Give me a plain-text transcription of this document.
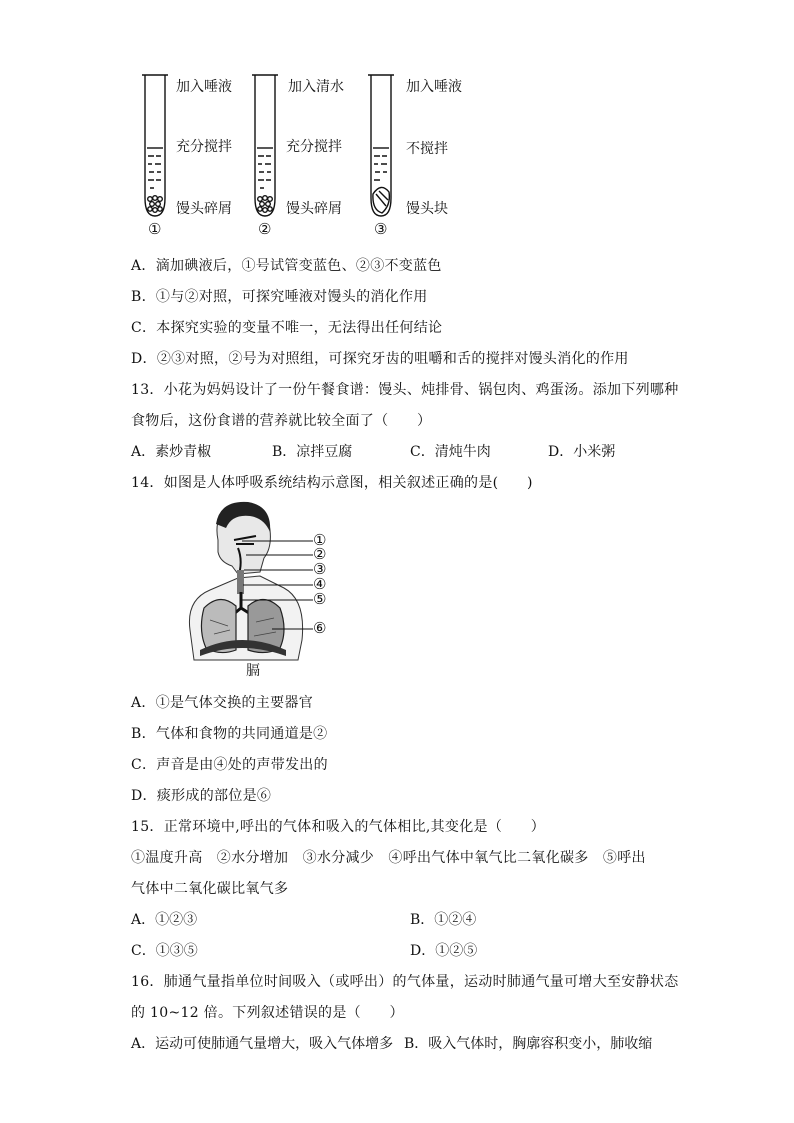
加入唾液
充分搅拌
馒头碎屑
①
加入清水
充分搅拌
馒头碎屑
②
加入唾液
不搅拌
馒头块
③
A．滴加碘液后，①号试管变蓝色、②③不变蓝色
B．①与②对照，可探究唾液对馒头的消化作用
C．本探究实验的变量不唯一，无法得出任何结论
D．②③对照，②号为对照组，可探究牙齿的咀嚼和舌的搅拌对馒头消化的作用
13．小花为妈妈设计了一份午餐食谱：馒头、炖排骨、锅包肉、鸡蛋汤。添加下列哪种
食物后，这份食谱的营养就比较全面了（　　）
A．素炒青椒	B．凉拌豆腐	C．清炖牛肉	D．小米粥
14．如图是人体呼吸系统结构示意图，相关叙述正确的是(　　)
①
②
③
④
⑤
⑥
膈
A．①是气体交换的主要器官
B．气体和食物的共同通道是②
C．声音是由④处的声带发出的
D．痰形成的部位是⑥
15．正常环境中,呼出的气体和吸入的气体相比,其变化是（　　）
①温度升高　②水分增加　③水分减少　④呼出气体中氧气比二氧化碳多　⑤呼出
气体中二氧化碳比氧气多
A．①②③	B．①②④
C．①③⑤	D．①②⑤
16．肺通气量指单位时间吸入（或呼出）的气体量，运动时肺通气量可增大至安静状态
的 10~12 倍。下列叙述错误的是（　　）
A．运动可使肺通气量增大，吸入气体增多 B．吸入气体时，胸廓容积变小，肺收缩
